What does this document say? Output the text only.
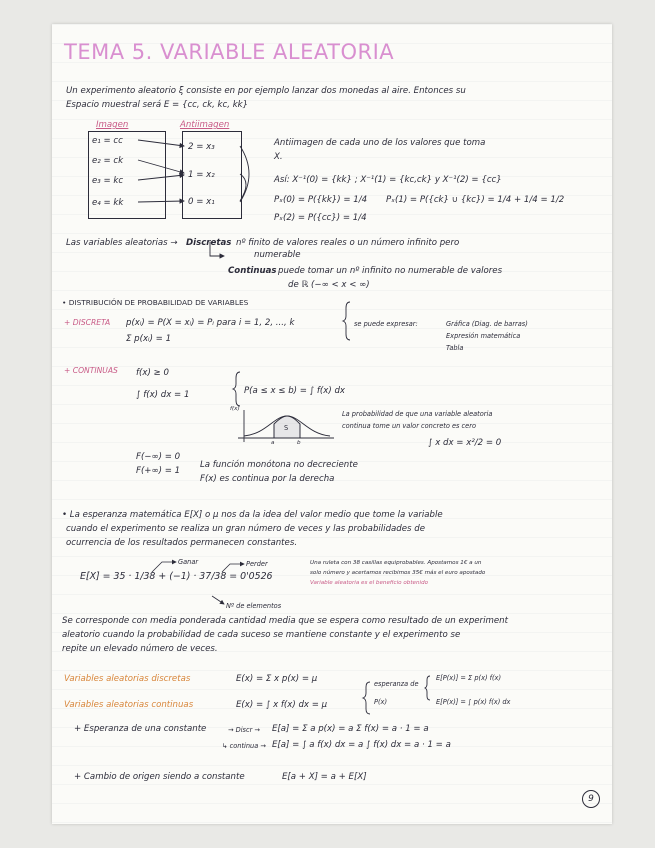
TEMA 5. VARIABLE ALEATORIA
Un experimento aleatorio ξ consiste en por ejemplo lanzar dos monedas al aire. Entonces su
Espacio muestral será E = {cc, ck, kc, kk}
Imagen	Antiimagen
e₁ = cc
e₂ = ck
e₃ = kc
e₄ = kk
2 = x₃
1 = x₂
0 = x₁
Antiimagen de cada uno de los valores que toma
X.
Así: X⁻¹(0) = {kk} ; X⁻¹(1) = {kc,ck} y X⁻¹(2) = {cc}
Pₓ(0) = P({kk}) = 1/4 Pₓ(1) = P({ck} ∪ {kc}) = 1/4 + 1/4 = 1/2
Pₓ(2) = P({cc}) = 1/4
Las variables aleatorias → Discretas nº finito de valores reales o un número infinito pero
numerable
Continuas puede tomar un nº infinito no numerable de valores
de ℝ (−∞ < x < ∞)
• DISTRIBUCIÓN DE PROBABILIDAD DE VARIABLES
+ DISCRETA p(xᵢ) = P(X = xᵢ) = Pᵢ para i = 1, 2, ..., k
Σ p(xᵢ) = 1
se puede expresar:	Gráfica (Diag. de barras)
Expresión matemática
Tabla
+ CONTINUAS f(x) ≥ 0
∫ f(x) dx = 1	P(a ≤ x ≤ b) = ∫ f(x) dx
f(x)
S
a	b
La probabilidad de que una variable aleatoria
continua tome un valor concreto es cero
∫ x dx = x²/2 = 0
F(−∞) = 0
F(+∞) = 1
La función monótona no decreciente
F(x) es continua por la derecha
• La esperanza matemática E[X] o μ nos da la idea del valor medio que tome la variable
cuando el experimento se realiza un gran número de veces y las probabilidades de
ocurrencia de los resultados permanecen constantes.
Ganar	Perder
E[X] = 35 · 1/38 + (−1) · 37/38 = 0'0526
Nº de elementos
Una ruleta con 38 casillas equiprobables. Apostamos 1€ a un
solo número y acertamos recibimos 35€ más el euro apostado
Variable aleatoria es el beneficio obtenido
Se corresponde con media ponderada cantidad media que se espera como resultado de un experiment
aleatorio cuando la probabilidad de cada suceso se mantiene constante y el experimento se
repite un elevado número de veces.
Variables aleatorias discretas	E(x) = Σ x p(x) = μ
Variables aleatorias continuas	E(x) = ∫ x f(x) dx = μ
esperanza de
P(x)
E[P(x)] = Σ p(x) f(x)
E[P(x)] = ∫ p(x) f(x) dx
+ Esperanza de una constante	→ Discr → E[a] = Σ a p(x) = a Σ f(x) = a · 1 = a
↳ continua → E[a] = ∫ a f(x) dx = a ∫ f(x) dx = a · 1 = a
+ Cambio de origen siendo a constante	E[a + X] = a + E[X]
9
